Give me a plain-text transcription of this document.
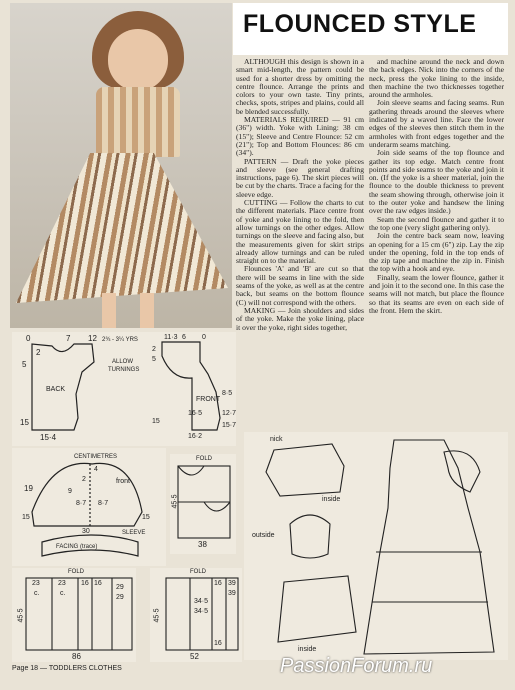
FLOUNCED STYLE

ALTHOUGH this design is shown in a smart mid-length, the pattern could be used for a shorter dress by omitting the centre flounce. Arrange the prints and colors to your own taste. Tiny prints, checks, spots, stripes and plains, could all be blended successfully.

MATERIALS REQUIRED — 91 cm (36") width. Yoke with Lining: 38 cm (15"); Sleeve and Centre Flounce: 52 cm (21"); Top and Bottom Flounces: 86 cm (34").

PATTERN — Draft the yoke pieces and sleeve (see general drafting instructions, page 6). The skirt pieces will be cut by the charts. Trace a facing for the sleeve edge.

CUTTING — Follow the charts to cut the different materials. Place centre front of yoke and yoke lining to the fold, then allow turnings on the other edges. Allow turnings on the sleeve and facing also, but the measurements given for skirt strips already allow turnings and can be ruled straight on to the material.

Flounces 'A' and 'B' are cut so that there will be seams in line with the side seams of the yoke, as well as at the centre back, but seams on the bottom flounce (C) will not correspond with the others.

MAKING — Join shoulders and sides of the yoke. Make the yoke lining, place it over the yoke, right sides together,

and machine around the neck and down the back edges. Nick into the corners of the neck, press the yoke lining to the inside, then machine the two thicknesses together around the armholes.

Join sleeve seams and facing seams. Run gathering threads around the sleeves where indicated by a waved line. Face the lower edges of the sleeves then stitch them in the armholes with front edges together and the underarm seams matching.

Join side seams of the top flounce and gather its top edge. Match centre front points and side seams to the yoke and join it on. (If the yoke is a sheer material, join the flounce to the double thickness to prevent the seam showing through, otherwise join it to the outer yoke and handsew the lining over the raw edges inside.)

Seam the second flounce and gather it to the top one (very slight gathering only).

Join the centre back seam now, leaving an opening for a 15 cm (6") zip. Lay the zip under the opening, fold in the top ends of the zip tape and machine the zip in. Finish the top with a hook and eye.

Finally, seam the lower flounce, gather it and join it to the second one. In this case the seams will not match, but place the flounce so that its seams are even on each side of the front. Hem the skirt.

0	7 12
2
5
15
15·4
2¾ - 3¼ YRS
ALLOW
TURNINGS
BACK
11·3 6 0
2
5
8·5
15
12·7
16·5
15·7
16·2
FRONT
CENTIMETRES
19
4
9
front
2
8·7 8·7
15	15
30	SLEEVE
FACING (trace)
FOLD
45·5
38
FOLD
23	23
c.	c.
16 16
29
29
45·5
86
FOLD
45·5
16
16
39
39
34·5
34·5
52
nick
inside
outside
inside
Page 18 — TODDLERS CLOTHES	PassionForum.ru
